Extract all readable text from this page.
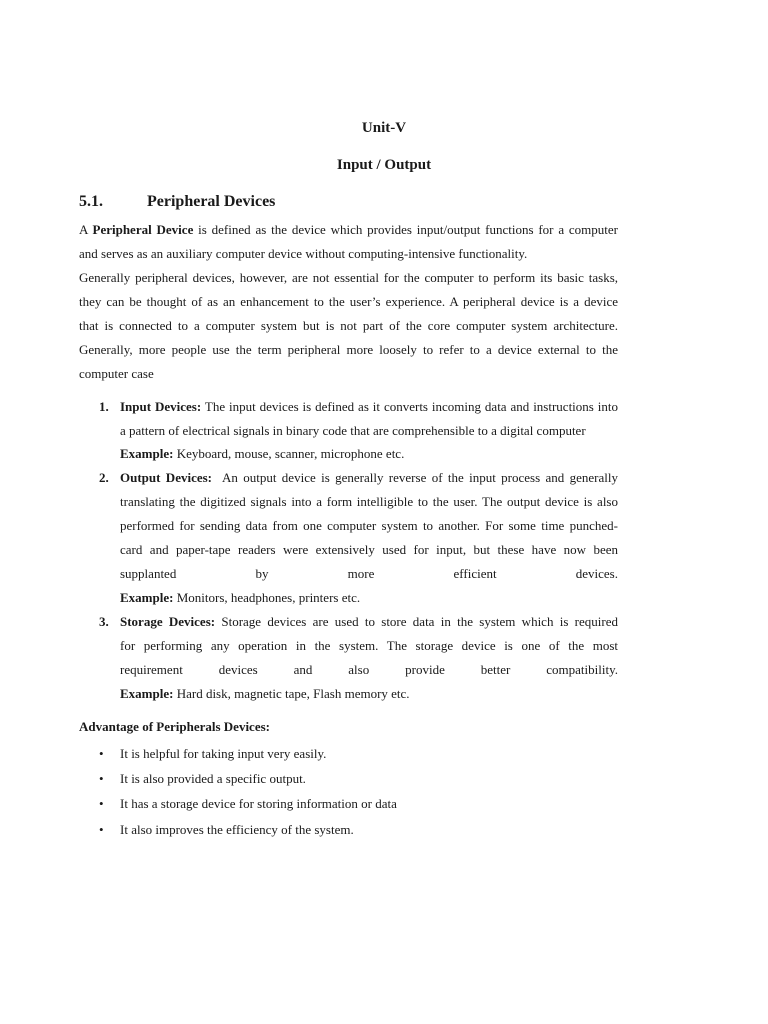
Unit-V
Input / Output
5.1.	Peripheral Devices
A Peripheral Device is defined as the device which provides input/output functions for a computer
and serves as an auxiliary computer device without computing-intensive functionality.
Generally peripheral devices, however, are not essential for the computer to perform its basic tasks,
they can be thought of as an enhancement to the user’s experience. A peripheral device is a device
that is connected to a computer system but is not part of the core computer system architecture.
Generally, more people use the term peripheral more loosely to refer to a device external to the
computer case
1. Input Devices: The input devices is defined as it converts incoming data and instructions into
a pattern of electrical signals in binary code that are comprehensible to a digital computer
Example: Keyboard, mouse, scanner, microphone etc.
2. Output Devices:  An output device is generally reverse of the input process and generally
translating the digitized signals into a form intelligible to the user. The output device is also
performed for sending data from one computer system to another. For some time punched-
card and paper-tape readers were extensively used for input, but these have now been
supplanted by more efficient devices.
Example: Monitors, headphones, printers etc.
3. Storage Devices: Storage devices are used to store data in the system which is required
for performing any operation in the system. The storage device is one of the most
requirement devices and also provide better compatibility.
Example: Hard disk, magnetic tape, Flash memory etc.
Advantage of Peripherals Devices:
• It is helpful for taking input very easily.
• It is also provided a specific output.
• It has a storage device for storing information or data
• It also improves the efficiency of the system.
